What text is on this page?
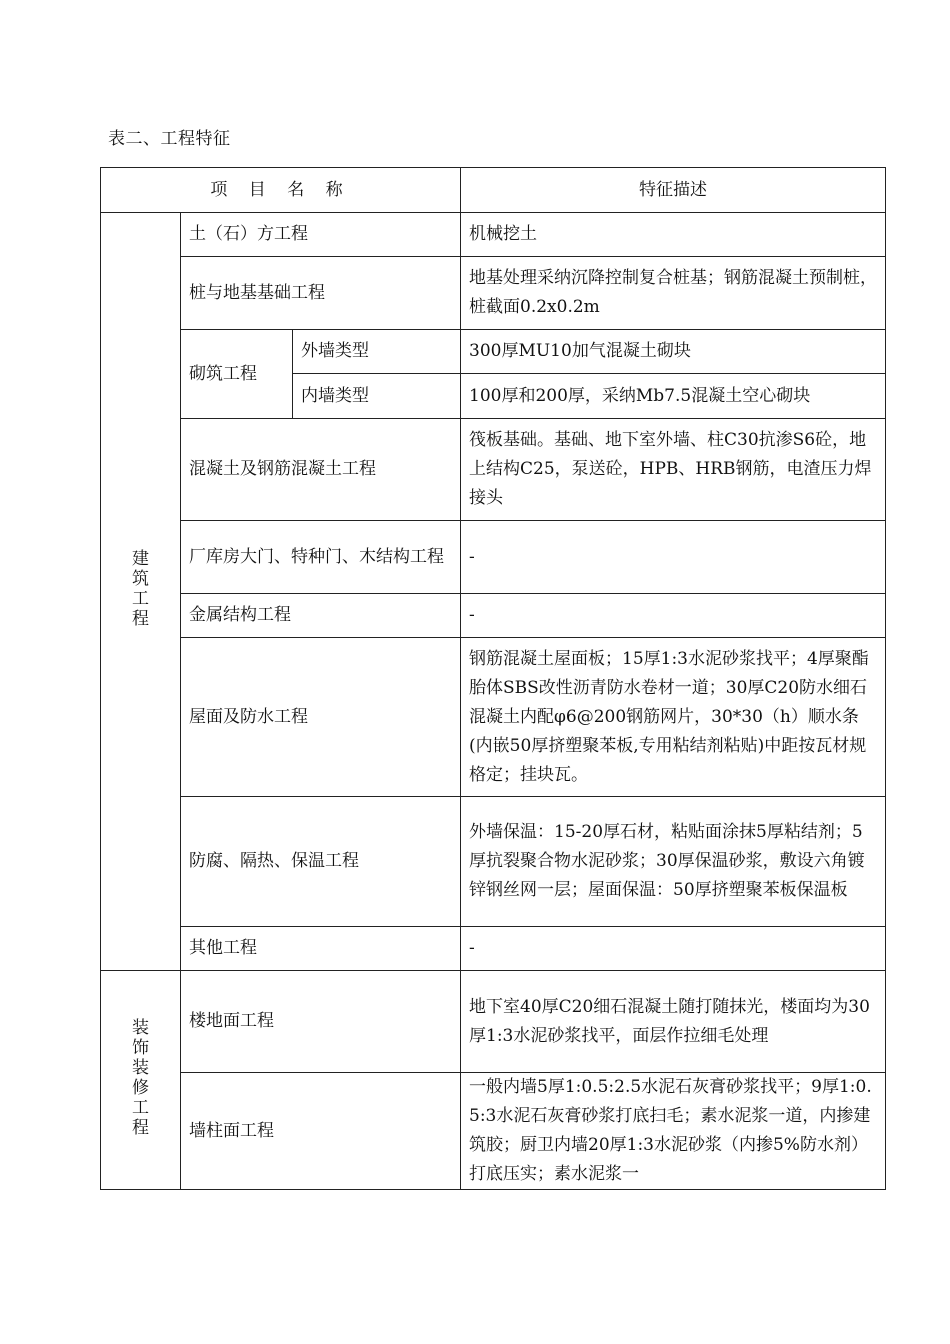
表二、工程特征
项 目 名 称			特征描述
建筑工程	土（石）方工程		机械挖土
	桩与地基基础工程		地基处理采纳沉降控制复合桩基；钢筋混凝土预制桩，桩截面0.2x0.2m
	砌筑工程	外墙类型	300厚MU10加气混凝土砌块
		内墙类型	100厚和200厚，采纳Mb7.5混凝土空心砌块
	混凝土及钢筋混凝土工程		筏板基础。基础、地下室外墙、柱C30抗渗S6砼，地上结构C25，泵送砼，HPB、HRB钢筋，电渣压力焊接头
	厂库房大门、特种门、木结构工程		-
	金属结构工程		-
	屋面及防水工程		钢筋混凝土屋面板；15厚1:3水泥砂浆找平；4厚聚酯胎体SBS改性沥青防水卷材一道；30厚C20防水细石混凝土内配φ6@200钢筋网片，30*30（h）顺水条(内嵌50厚挤塑聚苯板,专用粘结剂粘贴)中距按瓦材规格定；挂块瓦。
	防腐、隔热、保温工程		外墙保温：15-20厚石材，粘贴面涂抹5厚粘结剂；5厚抗裂聚合物水泥砂浆；30厚保温砂浆，敷设六角镀锌钢丝网一层；屋面保温：50厚挤塑聚苯板保温板
	其他工程		-
装饰装修工程	楼地面工程		地下室40厚C20细石混凝土随打随抹光，楼面均为30厚1:3水泥砂浆找平，面层作拉细毛处理
	墙柱面工程		一般内墙5厚1:0.5:2.5水泥石灰膏砂浆找平；9厚1:0.5:3水泥石灰膏砂浆打底扫毛；素水泥浆一道，内掺建筑胶；厨卫内墙20厚1:3水泥砂浆（内掺5%防水剂）打底压实；素水泥浆一
